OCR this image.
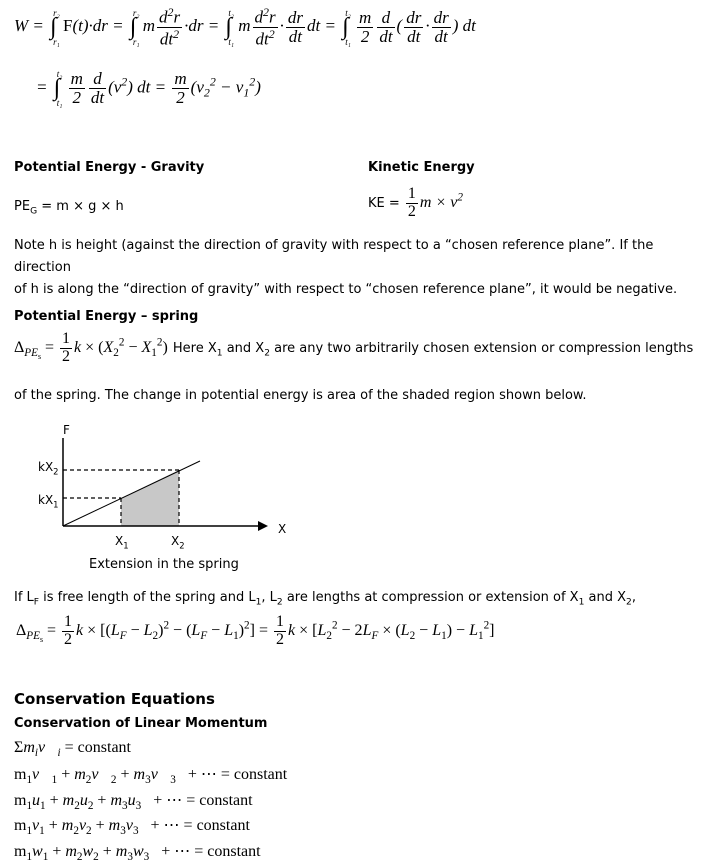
W = ∫
r₂
r₁
F(t)·dr = ∫
r₂
r₁
m $\frac{d^2r}{dt^2} \cdot dr$ = ∫
t₂
t₁
m $\frac{d^2r}{dt^2} \cdot \frac{dr}{dt}$ dt = ∫
t₂
t₁
$\frac{m}{2} \frac{d}{dt}$ ( $\frac{dr}{dt} \cdot \frac{dr}{dt}$ ) dt
= ∫
t₂
t₁
$\frac{m}{2} \frac{d}{dt} (v^2)$ dt = $\frac{m}{2} (v_2^2 - v_1^2)$
Potential Energy - Gravity	Kinetic Energy
$PE_G = m \times g \times h$	KE = $\frac{1}{2}$ $m \times v^2$
Note h is height (against the direction of gravity with respect to a “chosen reference plane”. If the direction
of h is along the “direction of gravity” with respect to “chosen reference plane”, it would be negative.
Potential Energy – spring
$\Delta_{PE_s} = \frac{1}{2}$ $k \times (X_2^2 - X_1^2)$ Here $X_1$ and $X_2$ are any two arbitrarily chosen extension or compression lengths
of the spring. The change in potential energy is area of the shaded region shown below.
F
X
$kX_2$
$kX_1$
$X_1$	$X_2$
Extension in the spring
If $L_F$ is free length of the spring and $L_1$, $L_2$ are lengths at compression or extension of $X_1$ and $X_2$,
$\Delta_{PE_s} = \frac{1}{2}$ $k \times [(L_F - L_2)^2 - (L_F - L_1)^2] = \frac{1}{2}$ $k \times [L_2^2 - 2L_F \times (L_2 - L_1) - L_1^2]$
Conservation Equations
Conservation of Linear Momentum
$\Sigma m_iv⃗_i$ = constant
$m_1v⃗_1$ + $m_2v⃗_2$ + $m_3v⃗_3$   + ⋯ = constant
$m_1u_1 + m_2u_2 + m_3u_3$   + ⋯ = constant
$m_1v_1 + m_2v_2 + m_3v_3$   + ⋯ = constant
$m_1w_1 + m_2w_2 + m_3w_3$   + ⋯ = constant
